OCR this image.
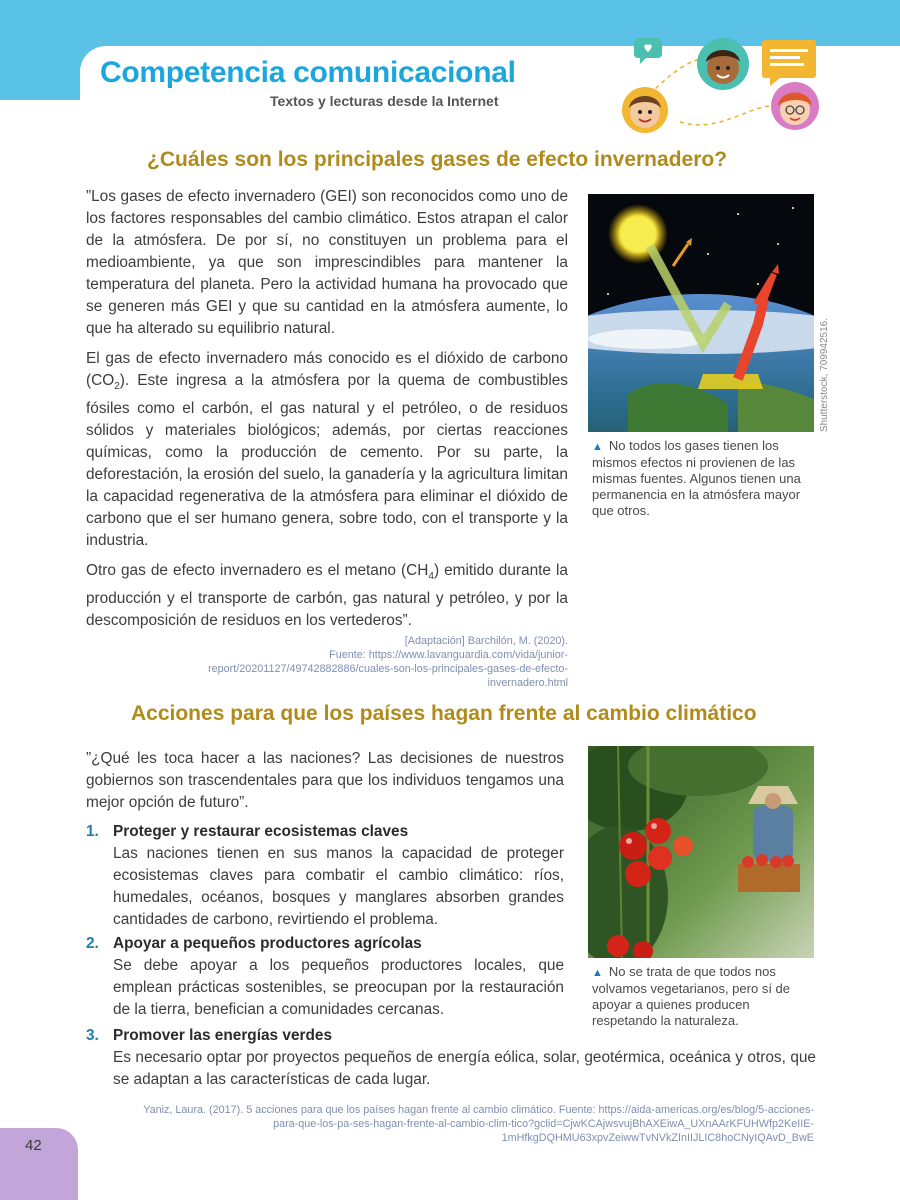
Competencia comunicacional
Textos y lecturas desde la Internet
¿Cuáles son los principales gases de efecto invernadero?

”Los gases de efecto invernadero (GEI) son reconocidos como uno de los factores responsables del cambio climático. Estos atrapan el calor de la atmósfera. De por sí, no constituyen un problema para el medioambiente, ya que son imprescindibles para mantener la temperatura del planeta. Pero la actividad humana ha provocado que se generen más GEI y que su cantidad en la atmósfera aumente, lo que ha alterado su equilibrio natural.

El gas de efecto invernadero más conocido es el dióxido de carbono $(CO_2)$. Este ingresa a la atmósfera por la quema de combustibles fósiles como el carbón, el gas natural y el petróleo, o de residuos sólidos y materiales biológicos; además, por ciertas reacciones químicas, como la producción de cemento. Por su parte, la deforestación, la erosión del suelo, la ganadería y la agricultura limitan la capacidad regenerativa de la atmósfera para eliminar el dióxido de carbono que el ser humano genera, sobre todo, con el transporte y la industria.

Otro gas de efecto invernadero es el metano $(CH_4)$ emitido durante la producción y el transporte de carbón, gas natural y petróleo, y por la descomposición de residuos en los vertederos”.

[Adaptación] Barchilón, M. (2020).
Fuente: https://www.lavanguardia.com/vida/junior-report/20201127/49742882886/cuales-son-los-principales-gases-de-efecto-invernadero.html
Shutterstock, 709942516.
▲ No todos los gases tienen los mismos efectos ni provienen de las mismas fuentes. Algunos tienen una permanencia en la atmósfera mayor que otros.
Acciones para que los países hagan frente al cambio climático
”¿Qué les toca hacer a las naciones? Las decisiones de nuestros gobiernos son trascendentales para que los individuos tengamos una mejor opción de futuro”.
1. Proteger y restaurar ecosistemas claves
Las naciones tienen en sus manos la capacidad de proteger ecosistemas claves para combatir el cambio climático: ríos, humedales, océanos, bosques y manglares absorben grandes cantidades de carbono, revirtiendo el problema.
2. Apoyar a pequeños productores agrícolas
Se debe apoyar a los pequeños productores locales, que emplean prácticas sostenibles, se preocupan por la restauración de la tierra, benefician a comunidades cercanas.
3. Promover las energías verdes
Es necesario optar por proyectos pequeños de energía eólica, solar, geotérmica, oceánica y otros, que se adaptan a las características de cada lugar.
▲ No se trata de que todos nos volvamos vegetarianos, pero sí de apoyar a quienes producen respetando la naturaleza.
Yaniz, Laura. (2017). 5 acciones para que los países hagan frente al cambio climático. Fuente: https://aida-americas.org/es/blog/5-acciones-para-que-los-pa-ses-hagan-frente-al-cambio-clim-tico?gclid=CjwKCAjwsvujBhAXEiwA_UXnAArKFUHWfp2KeIIE-1mHfkgDQHMU63xpvZeiwwTvNVkZInIIJLIC8hoCNyIQAvD_BwE
42
